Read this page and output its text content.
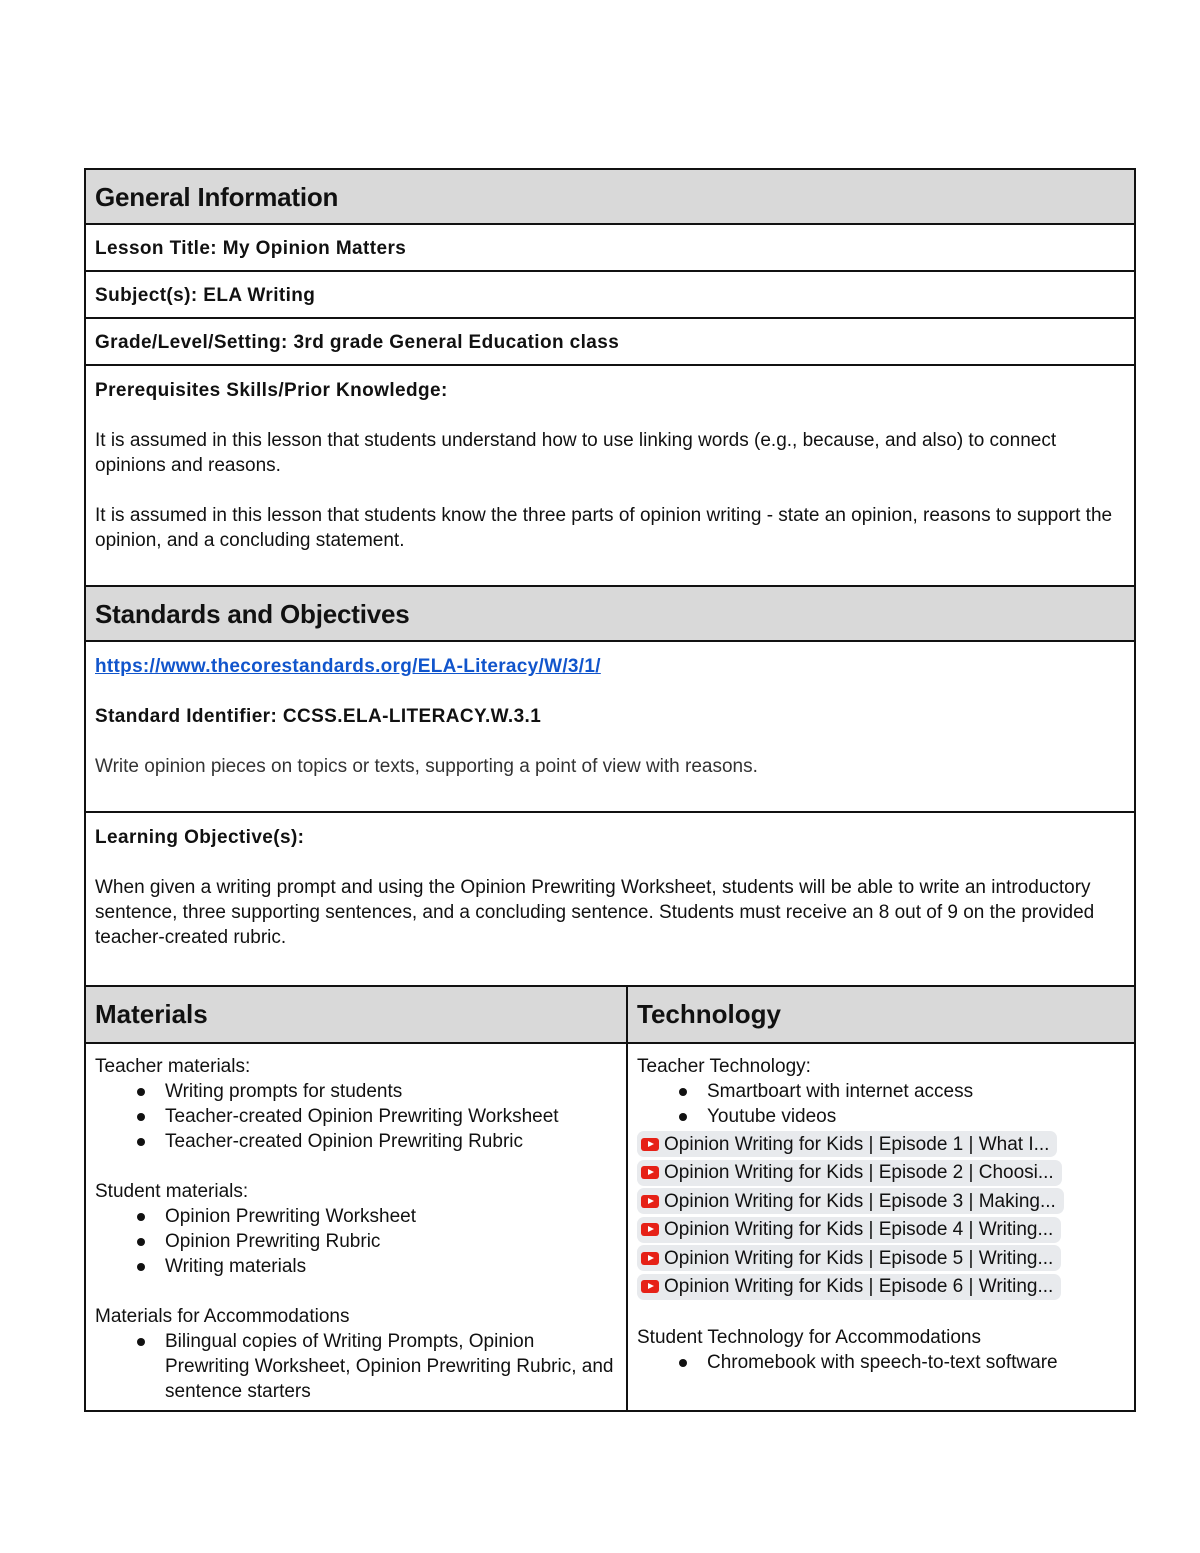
General Information
Lesson Title: My Opinion Matters
Subject(s): ELA Writing
Grade/Level/Setting: 3rd grade General Education class

Prerequisites Skills/Prior Knowledge:

It is assumed in this lesson that students understand how to use linking words (e.g., because, and also) to connect opinions and reasons.

It is assumed in this lesson that students know the three parts of opinion writing - state an opinion, reasons to support the opinion, and a concluding statement.

Standards and Objectives

https://www.thecorestandards.org/ELA-Literacy/W/3/1/

Standard Identifier: CCSS.ELA-LITERACY.W.3.1

Write opinion pieces on topics or texts, supporting a point of view with reasons.

Learning Objective(s):

When given a writing prompt and using the Opinion Prewriting Worksheet, students will be able to write an introductory sentence, three supporting sentences, and a concluding sentence. Students must receive an 8 out of 9 on the provided teacher-created rubric.

Materials	Technology
Teacher materials:
Writing prompts for students
Teacher-created Opinion Prewriting Worksheet
Teacher-created Opinion Prewriting Rubric
Student materials:
Opinion Prewriting Worksheet
Opinion Prewriting Rubric
Writing materials
Materials for Accommodations
Bilingual copies of Writing Prompts, Opinion Prewriting Worksheet, Opinion Prewriting Rubric, and sentence starters
Teacher Technology:
Smartboart with internet access
Youtube videos
Opinion Writing for Kids | Episode 1 | What I...
Opinion Writing for Kids | Episode 2 | Choosi...
Opinion Writing for Kids | Episode 3 | Making...
Opinion Writing for Kids | Episode 4 | Writing...
Opinion Writing for Kids | Episode 5 | Writing...
Opinion Writing for Kids | Episode 6 | Writing...
Student Technology for Accommodations
Chromebook with speech-to-text software
